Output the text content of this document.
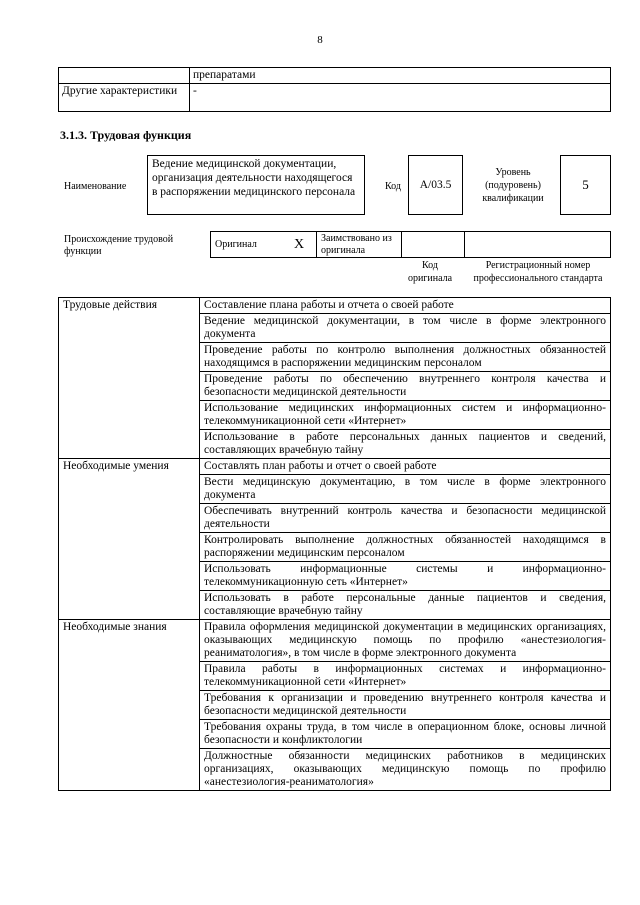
8
	препаратами
Другие характеристики	-
3.1.3. Трудовая функция
Наименование
Ведение медицинской документации, организация деятельности находящегося в распоряжении медицинского персонала	Код	A/03.5
Уровень (подуровень) квалификации
5
Происхождение трудовой функции
Оригинал	X	Заимствовано из оригинала		
Код оригинала
Регистрационный номер профессионального стандарта
Трудовые действия	Составление плана работы и отчета о своей работе
	Ведение медицинской документации, в том числе в форме электронного документа
	Проведение работы по контролю выполнения должностных обязанностей находящимся в распоряжении медицинским персоналом
	Проведение работы по обеспечению внутреннего контроля качества и безопасности медицинской деятельности
	Использование медицинских информационных систем и информационно-телекоммуникационной сети «Интернет»
	Использование в работе персональных данных пациентов и сведений, составляющих врачебную тайну
Необходимые умения	Составлять план работы и отчет о своей работе
	Вести медицинскую документацию, в том числе в форме электронного документа
	Обеспечивать внутренний контроль качества и безопасности медицинской деятельности
	Контролировать выполнение должностных обязанностей находящимся в распоряжении медицинским персоналом
	Использовать информационные системы и информационно-телекоммуникационную сеть «Интернет»
	Использовать в работе персональные данные пациентов и сведения, составляющие врачебную тайну
Необходимые знания	Правила оформления медицинской документации в медицинских организациях, оказывающих медицинскую помощь по профилю «анестезиология-реаниматология», в том числе в форме электронного документа
	Правила работы в информационных системах и информационно-телекоммуникационной сети «Интернет»
	Требования к организации и проведению внутреннего контроля качества и безопасности медицинской деятельности
	Требования охраны труда, в том числе в операционном блоке, основы личной безопасности и конфликтологии
	Должностные обязанности медицинских работников в медицинских организациях, оказывающих медицинскую помощь по профилю «анестезиология-реаниматология»
